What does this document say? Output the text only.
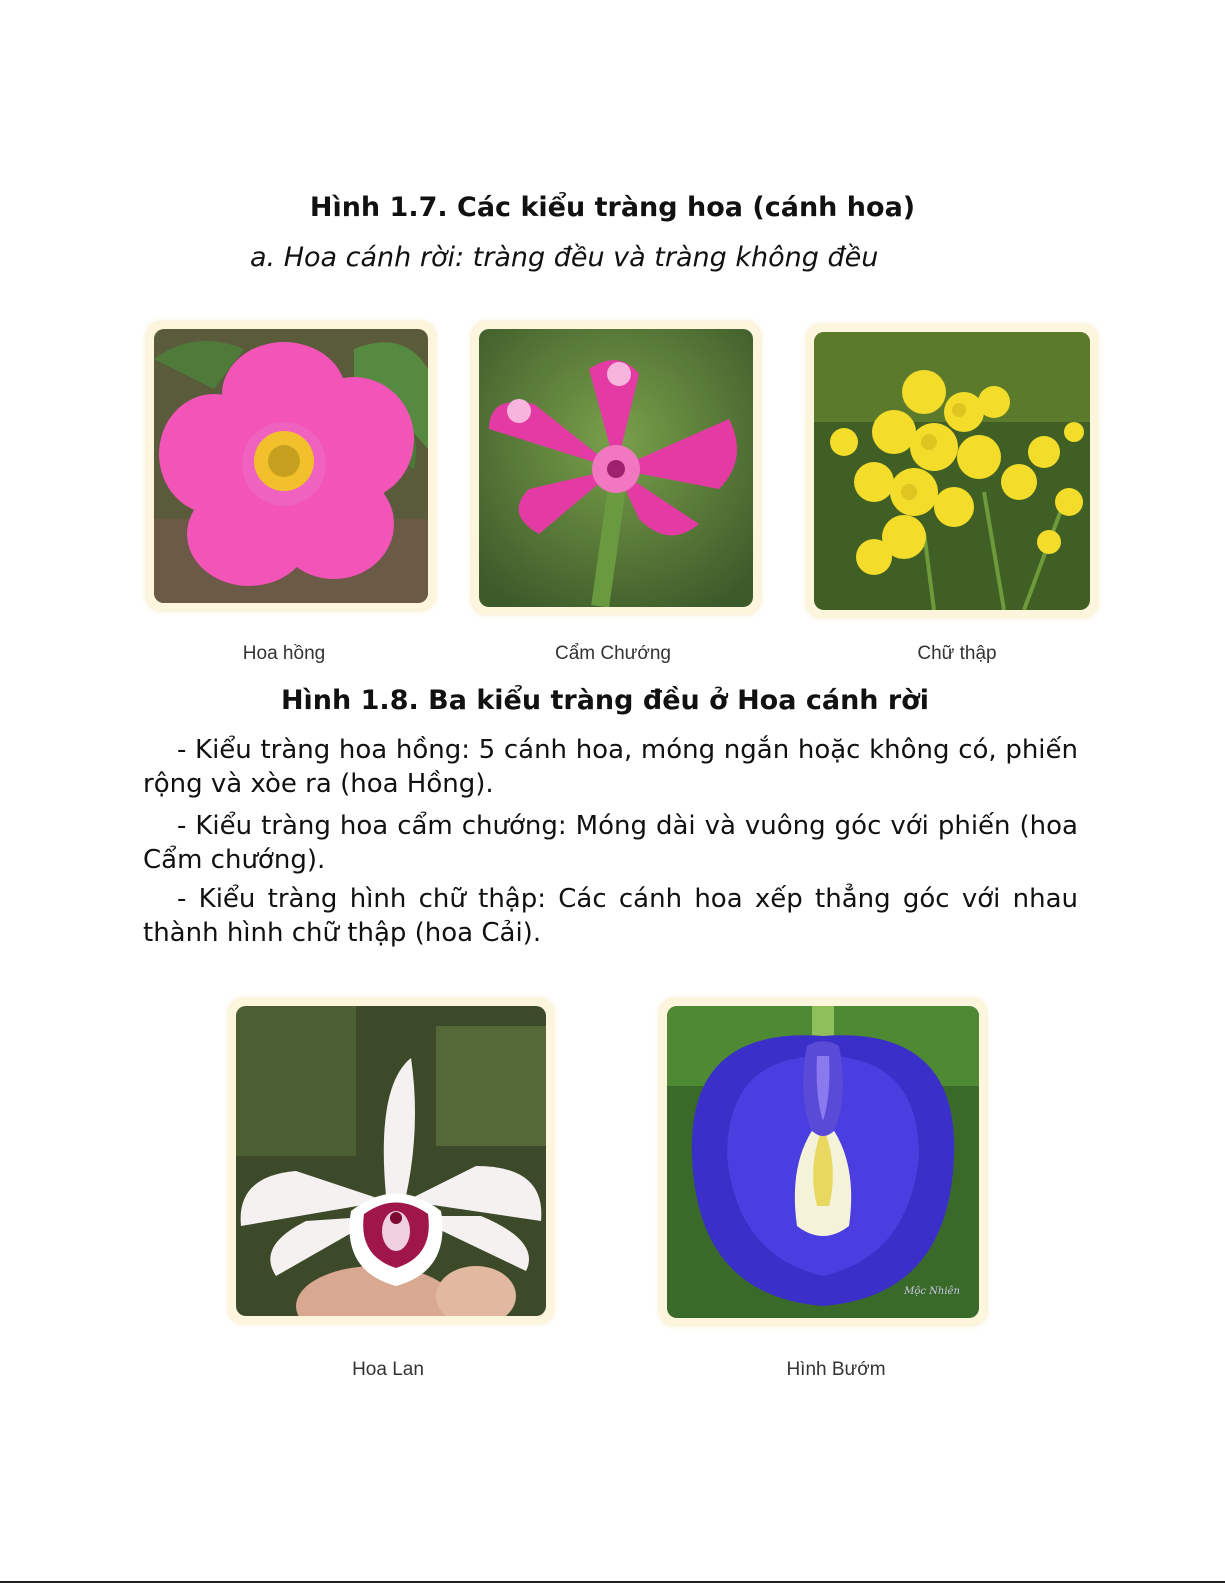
Hình 1.7. Các kiểu tràng hoa (cánh hoa)
a. Hoa cánh rời: tràng đều và tràng không đều
Hoa hồng	Cẩm Chướng	Chữ thập
Hình 1.8. Ba kiểu tràng đều ở Hoa cánh rời

- Kiểu tràng hoa hồng: 5 cánh hoa, móng ngắn hoặc không có, phiến rộng và xòe ra (hoa Hồng).

- Kiểu tràng hoa cẩm chướng: Móng dài và vuông góc với phiến (hoa Cẩm chướng).

- Kiểu tràng hình chữ thập: Các cánh hoa xếp thẳng góc với nhau thành hình chữ thập (hoa Cải).

Mộc Nhiên
Hoa Lan	Hình Bướm
